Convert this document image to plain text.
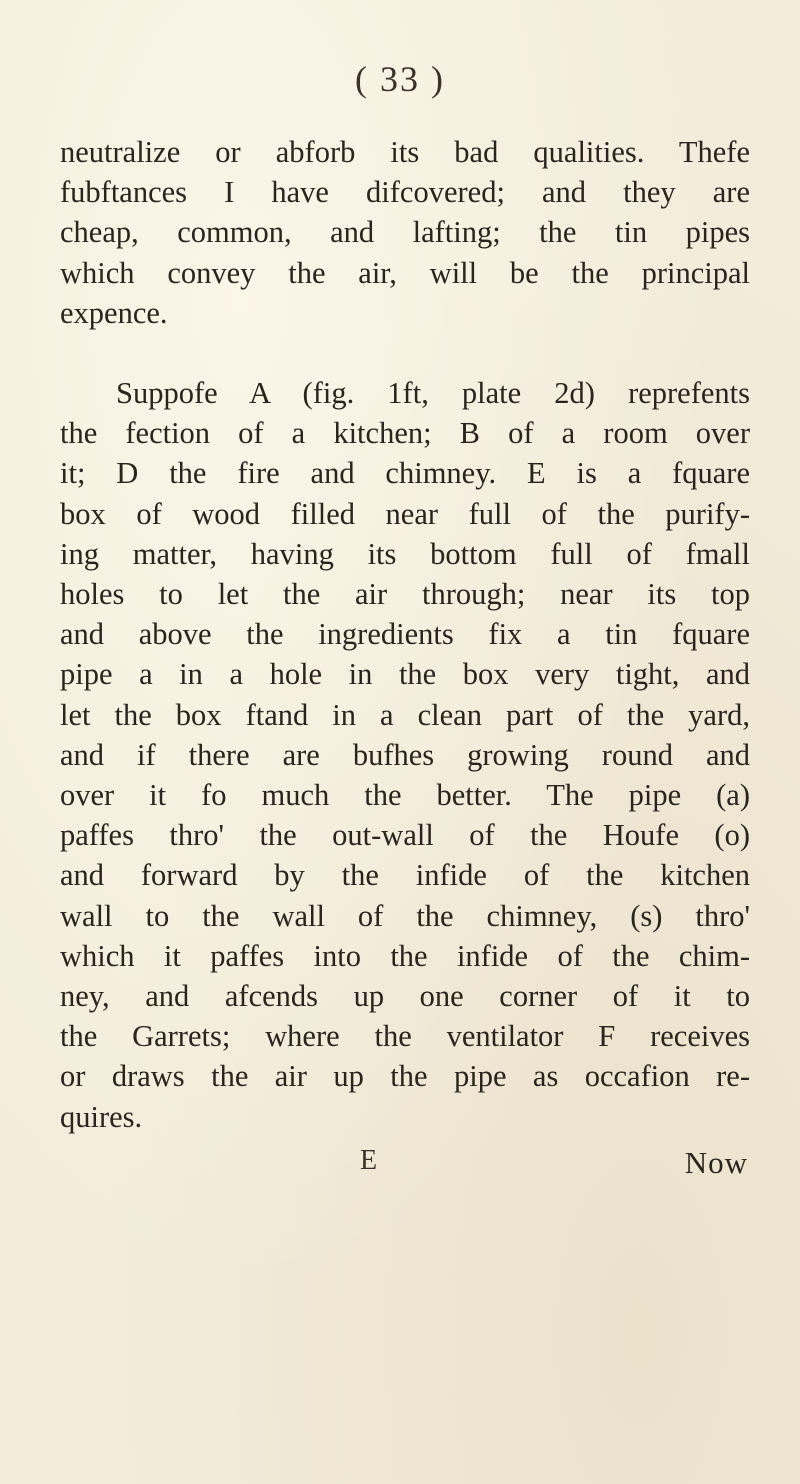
( 33 )
neutralize or abforb its bad qualities. Thefe
fubftances I have difcovered; and they are
cheap, common, and lafting; the tin pipes
which convey the air, will be the principal
expence.
Suppofe A (fig. 1ft, plate 2d) reprefents
the fection of a kitchen; B of a room over
it; D the fire and chimney. E is a fquare
box of wood filled near full of the purify-
ing matter, having its bottom full of fmall
holes to let the air through; near its top
and above the ingredients fix a tin fquare
pipe a in a hole in the box very tight, and
let the box ftand in a clean part of the yard,
and if there are bufhes growing round and
over it fo much the better. The pipe (a)
paffes thro' the out-wall of the Houfe (o)
and forward by the infide of the kitchen
wall to the wall of the chimney, (s) thro'
which it paffes into the infide of the chim-
ney, and afcends up one corner of it to
the Garrets; where the ventilator F receives
or draws the air up the pipe as occafion re-
quires.
E	Now
